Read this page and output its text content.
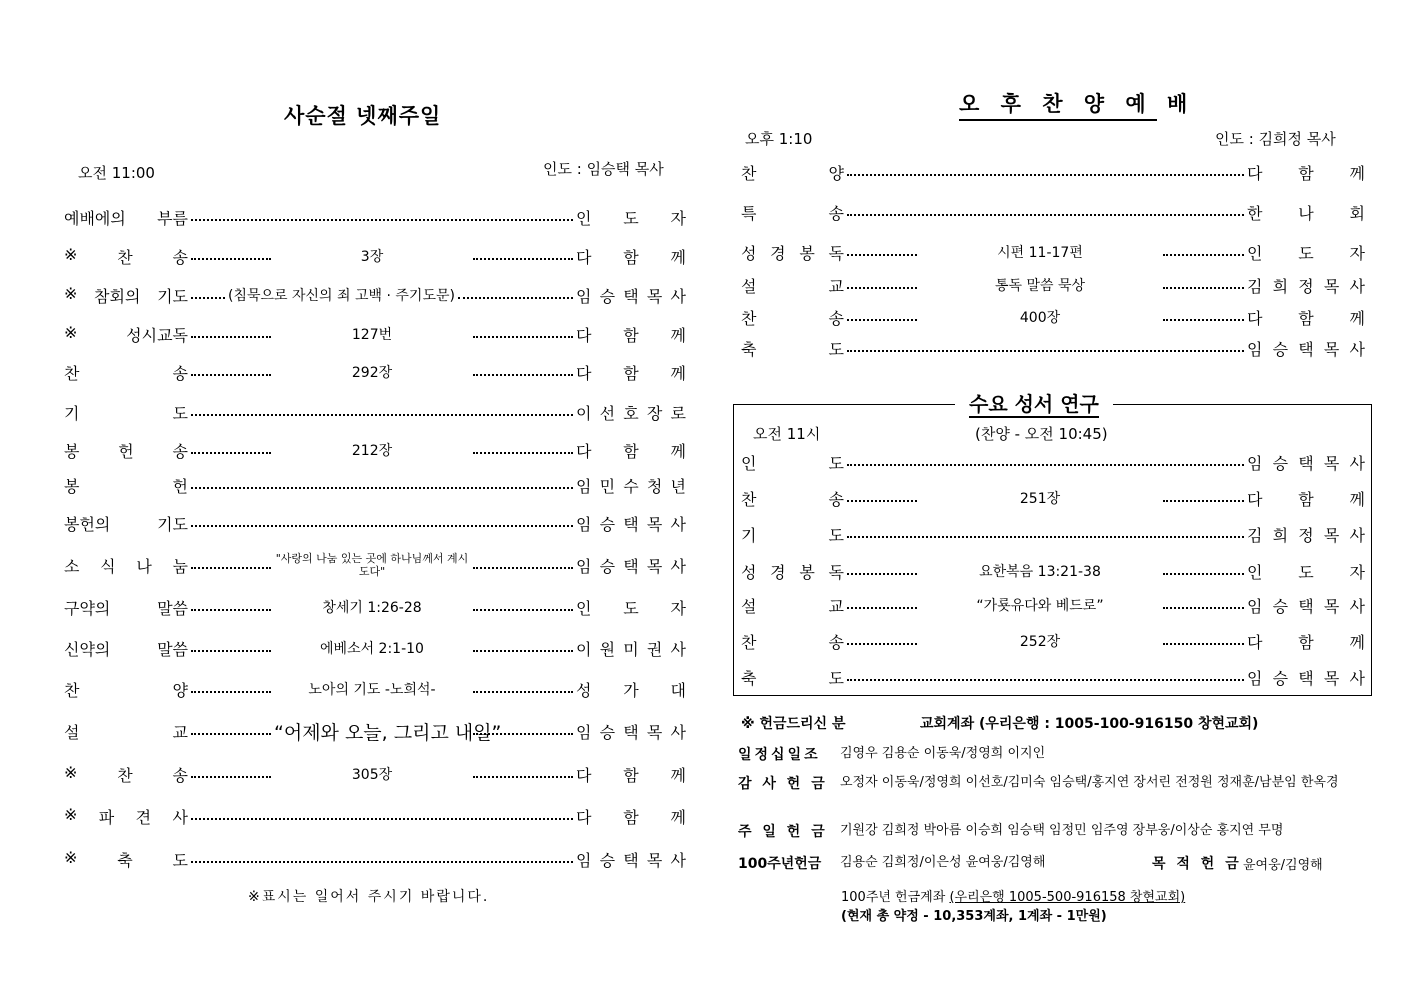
사순절 넷째주일
오전 11:00	인도 : 임승택 목사
예배에의 부름	인 도 자
※ 찬 송	3장	다 함 께
※ 참회의 기도	(침묵으로 자신의 죄 고백 · 주기도문)	임 승 택 목 사
※	성시교독	127번	다 함 께
찬	송	292장	다 함 께
기	도	이 선 호 장 로
봉 헌 송	212장	다 함 께
봉	헌	임 민 수 청 년
봉헌의	기도	임 승 택 목 사
소 식 나 눔	"사랑의 나눔 있는 곳에 하나님께서 계시도다"	임 승 택 목 사
구약의	말씀	창세기 1:26-28	인 도 자
신약의	말씀	에베소서 2:1-10	이 원 미 권 사
찬	양	노아의 기도 -노희석-	성 가 대
설	교	“어제와 오늘, 그리고 내일”	임 승 택 목 사
※ 찬 송	305장	다 함 께
※ 파 견 사	다 함 께
※ 축 도	임 승 택 목 사
※표시는 일어서 주시기 바랍니다.
오 후 찬 양 예 배
오후 1:10	인도 : 김희정 목사
찬	양	다 함 께
특	송	한 나 회
성 경 봉 독	시편 11-17편	인 도 자
설	교	통독 말씀 묵상	김 희 정 목 사
찬	송	400장	다 함 께
축	도	임 승 택 목 사
수요 성서 연구
오전 11시	(찬양 - 오전 10:45)
인	도	임 승 택 목 사
찬	송	251장	다 함 께
기	도	김 희 정 목 사
성 경 봉 독	요한복음 13:21-38	인 도 자
설	교	“가룟유다와 베드로”	임 승 택 목 사
찬	송	252장	다 함 께
축	도	임 승 택 목 사
※ 헌금드리신 분	교회계좌 (우리은행 : 1005-100-916150 창현교회)
일정십일조 김영우 김용순 이동욱/정영희 이지인
감 사 헌 금 오정자 이동욱/정영희 이선호/김미숙 임승택/홍지연 장서린 전정원 정재훈/남분임 한옥경
주 일 헌 금 기원강 김희정 박아름 이승희 임승택 임정민 임주영 장부웅/이상순 홍지연 무명
100주년헌금 김용순 김희정/이은성 윤여웅/김영해	목 적 헌 금 윤여웅/김영해
100주년 헌금계좌 (우리은행 1005-500-916158 창현교회)
(현재 총 약정 - 10,353계좌, 1계좌 - 1만원)
